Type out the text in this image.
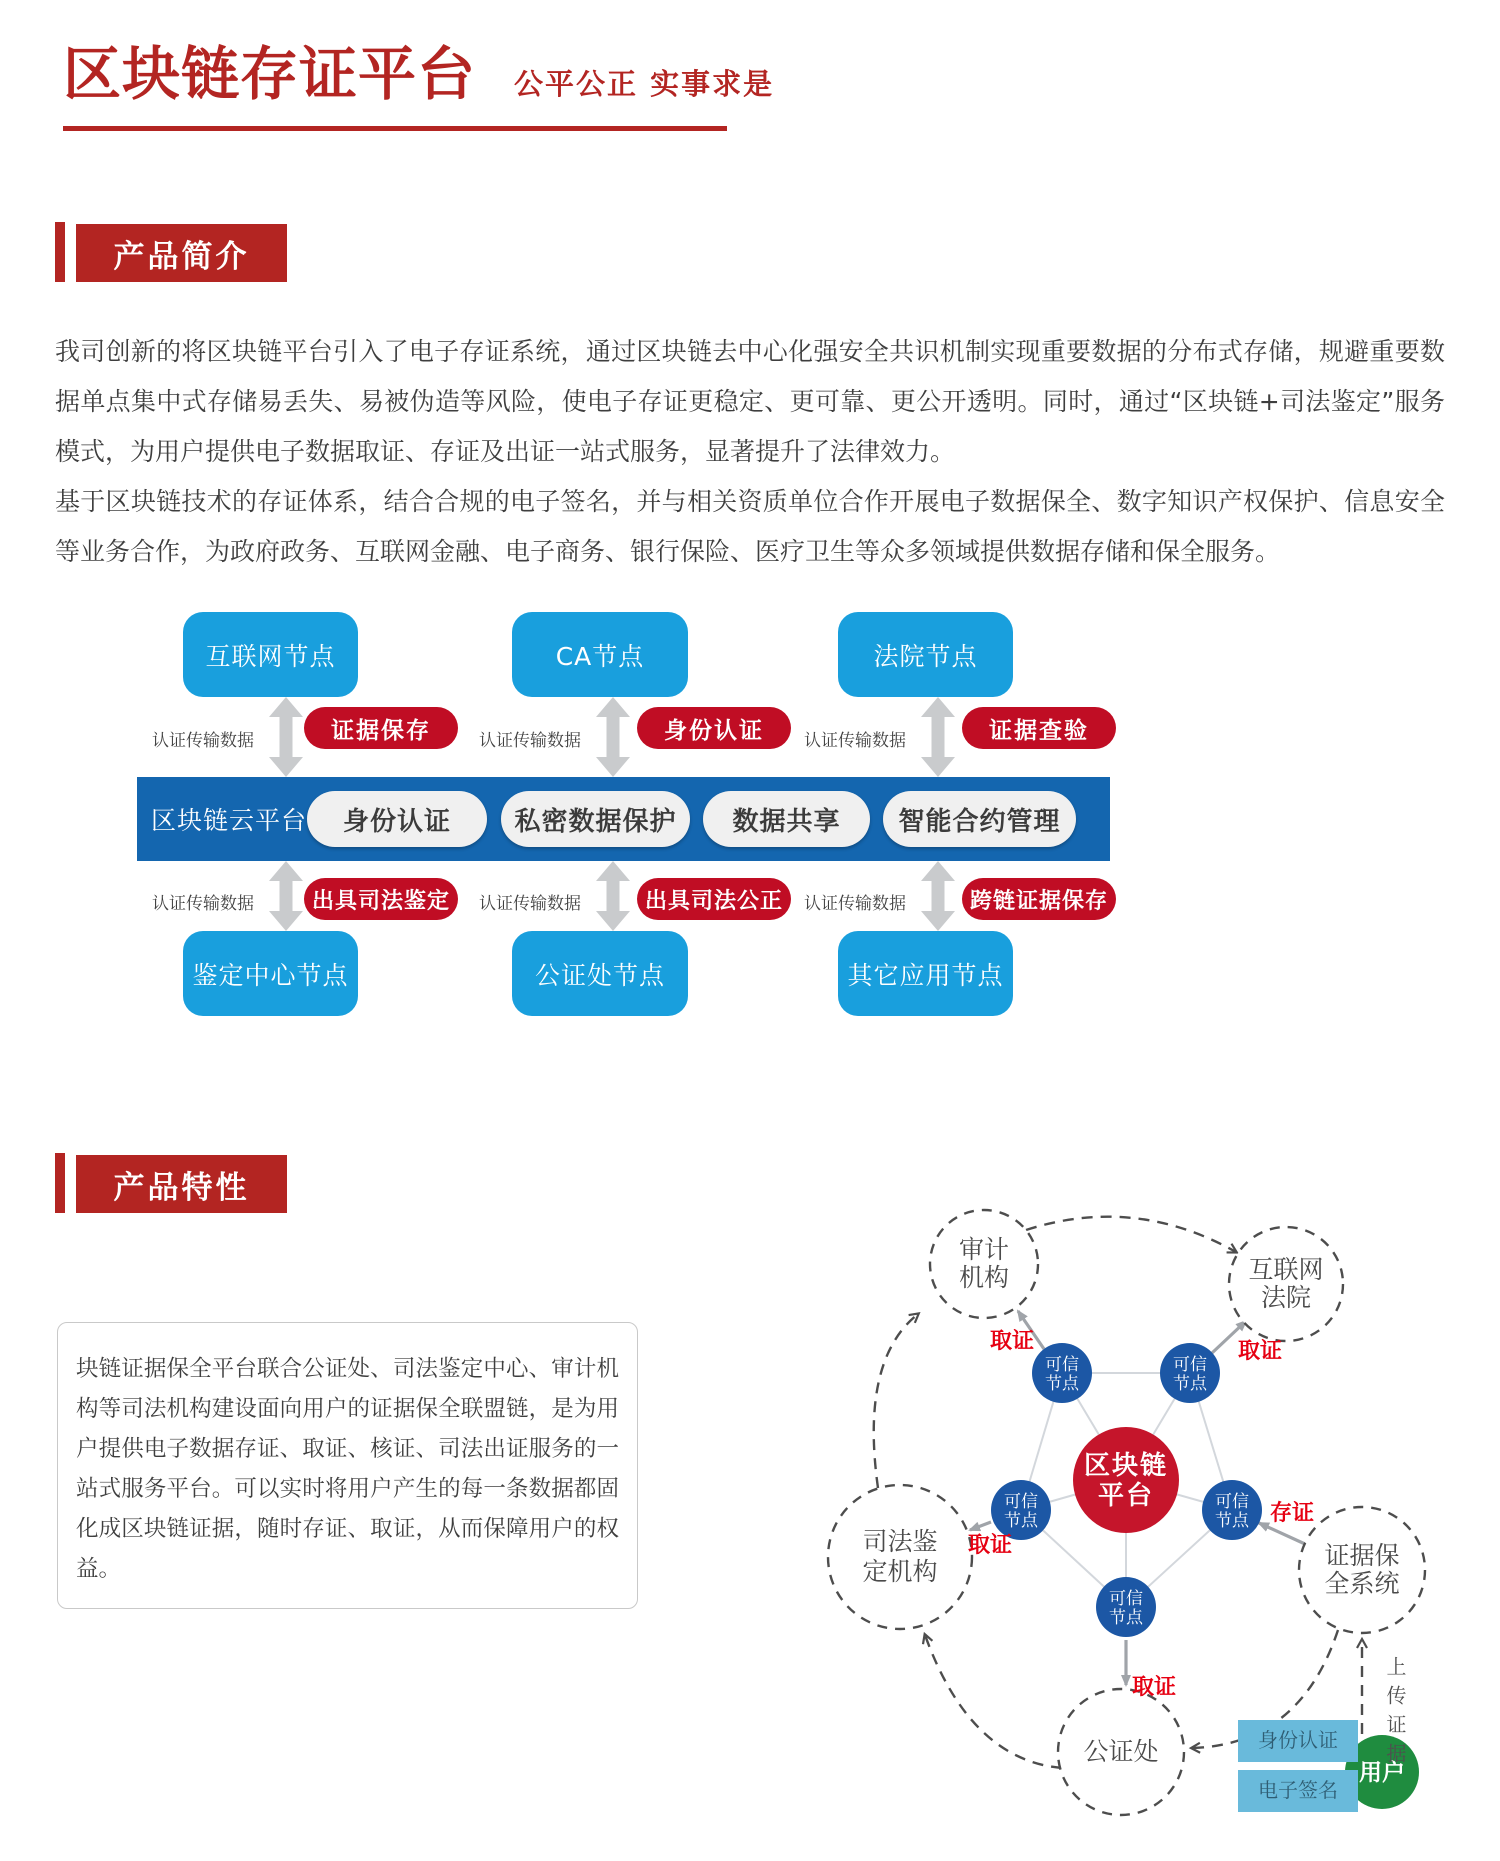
区块链存证平台 公平公正 实事求是
产品简介

我司创新的将区块链平台引入了电子存证系统，通过区块链去中心化强安全共识机制实现重要数据的分布式存储，规避重要数据单点集中式存储易丢失、易被伪造等风险，使电子存证更稳定、更可靠、更公开透明。同时，通过“区块链+司法鉴定”服务模式，为用户提供电子数据取证、存证及出证一站式服务，显著提升了法律效力。

基于区块链技术的存证体系，结合合规的电子签名，并与相关资质单位合作开展电子数据保全、数字知识产权保护、信息安全等业务合作，为政府政务、互联网金融、电子商务、银行保险、医疗卫生等众多领域提供数据存储和保全服务。

互联网节点	CA节点	法院节点
认证传输数据	认证传输数据	认证传输数据
证据保存	身份认证	证据查验
区块链云平台	身份认证	私密数据保护	数据共享	智能合约管理
认证传输数据	认证传输数据	认证传输数据
出具司法鉴定	出具司法公正	跨链证据保存
鉴定中心节点	公证处节点	其它应用节点
产品特性

块链证据保全平台联合公证处、司法鉴定中心、审计机构等司法机构建设面向用户的证据保全联盟链，是为用户提供电子数据存证、取证、核证、司法出证服务的一站式服务平台。可以实时将用户产生的每一条数据都固化成区块链证据，随时存证、取证，从而保障用户的权益。

审计
机构	互联网
法院
司法鉴
定机构
证据保
全系统
公证处
区块链
平台
可信
节点
可信
节点
可信
节点
可信
节点
可信
节点
用户
取证	取证
取证
取证
存证
身份认证
电子签名
上传证据
